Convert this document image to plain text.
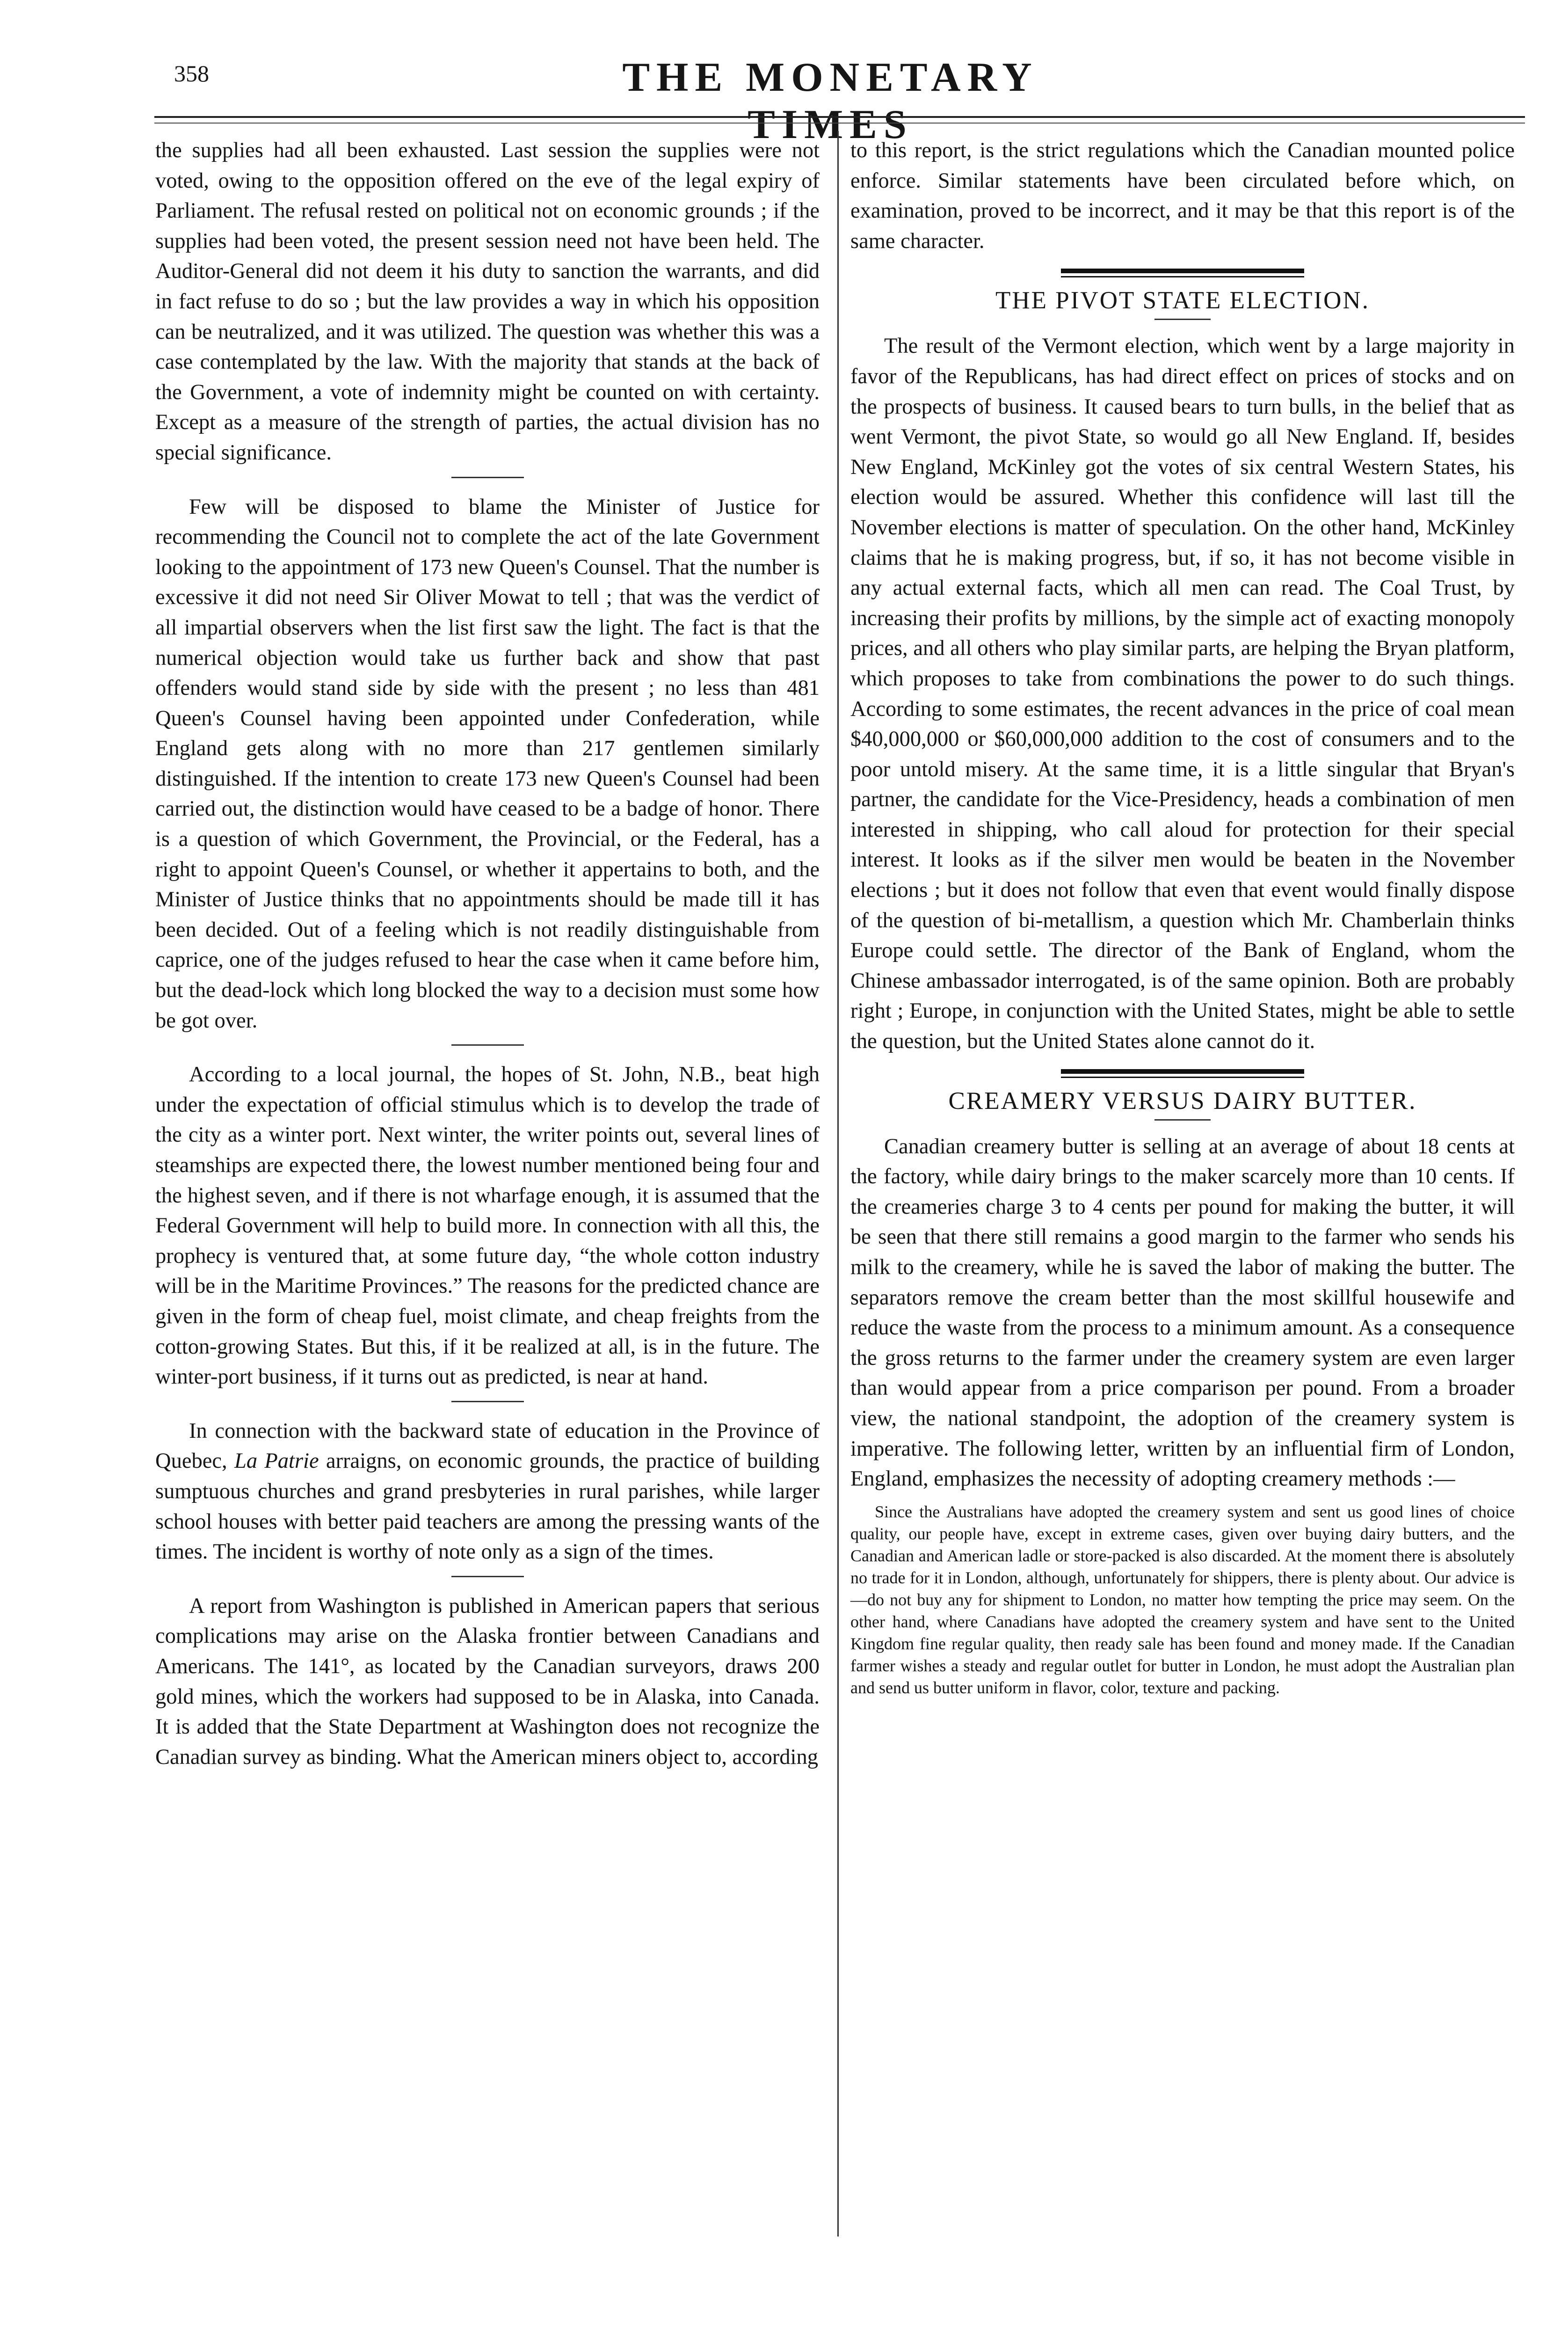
358	THE MONETARY TIMES

the supplies had all been exhausted. Last session the supplies were not voted, owing to the opposition offered on the eve of the legal expiry of Parliament. The refusal rested on political not on economic grounds ; if the supplies had been voted, the present session need not have been held. The Auditor-General did not deem it his duty to sanction the warrants, and did in fact refuse to do so ; but the law provides a way in which his opposition can be neutralized, and it was utilized. The question was whether this was a case contemplated by the law. With the majority that stands at the back of the Government, a vote of indemnity might be counted on with certainty. Except as a measure of the strength of parties, the actual division has no special significance.

Few will be disposed to blame the Minister of Justice for recommending the Council not to complete the act of the late Government looking to the appointment of 173 new Queen's Counsel. That the number is excessive it did not need Sir Oliver Mowat to tell ; that was the verdict of all impartial observers when the list first saw the light. The fact is that the numerical objection would take us further back and show that past offenders would stand side by side with the present ; no less than 481 Queen's Counsel having been appointed under Confederation, while England gets along with no more than 217 gentlemen similarly distinguished. If the intention to create 173 new Queen's Counsel had been carried out, the distinction would have ceased to be a badge of honor. There is a question of which Government, the Provincial, or the Federal, has a right to appoint Queen's Counsel, or whether it appertains to both, and the Minister of Justice thinks that no appointments should be made till it has been decided. Out of a feeling which is not readily distinguishable from caprice, one of the judges refused to hear the case when it came before him, but the dead-lock which long blocked the way to a decision must some how be got over.

According to a local journal, the hopes of St. John, N.B., beat high under the expectation of official stimulus which is to develop the trade of the city as a winter port. Next winter, the writer points out, several lines of steamships are expected there, the lowest number mentioned being four and the highest seven, and if there is not wharfage enough, it is assumed that the Federal Government will help to build more. In connection with all this, the prophecy is ventured that, at some future day, “the whole cotton industry will be in the Maritime Provinces.” The reasons for the predicted chance are given in the form of cheap fuel, moist climate, and cheap freights from the cotton-growing States. But this, if it be realized at all, is in the future. The winter-port business, if it turns out as predicted, is near at hand.

In connection with the backward state of education in the Province of Quebec, La Patrie arraigns, on economic grounds, the practice of building sumptuous churches and grand presbyteries in rural parishes, while larger school houses with better paid teachers are among the pressing wants of the times. The incident is worthy of note only as a sign of the times.

A report from Washington is published in American papers that serious complications may arise on the Alaska frontier between Canadians and Americans. The 141°, as located by the Canadian surveyors, draws 200 gold mines, which the workers had supposed to be in Alaska, into Canada. It is added that the State Department at Washington does not recognize the Canadian survey as binding. What the American miners object to, according

to this report, is the strict regulations which the Canadian mounted police enforce. Similar statements have been circulated before which, on examination, proved to be incorrect, and it may be that this report is of the same character.

THE PIVOT STATE ELECTION.

The result of the Vermont election, which went by a large majority in favor of the Republicans, has had direct effect on prices of stocks and on the prospects of business. It caused bears to turn bulls, in the belief that as went Vermont, the pivot State, so would go all New England. If, besides New England, McKinley got the votes of six central Western States, his election would be assured. Whether this confidence will last till the November elections is matter of speculation. On the other hand, McKinley claims that he is making progress, but, if so, it has not become visible in any actual external facts, which all men can read. The Coal Trust, by increasing their profits by millions, by the simple act of exacting monopoly prices, and all others who play similar parts, are helping the Bryan platform, which proposes to take from combinations the power to do such things. According to some estimates, the recent advances in the price of coal mean $40,000,000 or $60,000,000 addition to the cost of consumers and to the poor untold misery. At the same time, it is a little singular that Bryan's partner, the candidate for the Vice-Presidency, heads a combination of men interested in shipping, who call aloud for protection for their special interest. It looks as if the silver men would be beaten in the November elections ; but it does not follow that even that event would finally dispose of the question of bi-metallism, a question which Mr. Chamberlain thinks Europe could settle. The director of the Bank of England, whom the Chinese ambassador interrogated, is of the same opinion. Both are probably right ; Europe, in conjunction with the United States, might be able to settle the question, but the United States alone cannot do it.

CREAMERY VERSUS DAIRY BUTTER.

Canadian creamery butter is selling at an average of about 18 cents at the factory, while dairy brings to the maker scarcely more than 10 cents. If the creameries charge 3 to 4 cents per pound for making the butter, it will be seen that there still remains a good margin to the farmer who sends his milk to the creamery, while he is saved the labor of making the butter. The separators remove the cream better than the most skillful housewife and reduce the waste from the process to a minimum amount. As a consequence the gross returns to the farmer under the creamery system are even larger than would appear from a price comparison per pound. From a broader view, the national standpoint, the adoption of the creamery system is imperative. The following letter, written by an influential firm of London, England, emphasizes the necessity of adopting creamery methods :—

Since the Australians have adopted the creamery system and sent us good lines of choice quality, our people have, except in extreme cases, given over buying dairy butters, and the Canadian and American ladle or store-packed is also discarded. At the moment there is absolutely no trade for it in London, although, unfortunately for shippers, there is plenty about. Our advice is—do not buy any for shipment to London, no matter how tempting the price may seem. On the other hand, where Canadians have adopted the creamery system and have sent to the United Kingdom fine regular quality, then ready sale has been found and money made. If the Canadian farmer wishes a steady and regular outlet for butter in London, he must adopt the Australian plan and send us butter uniform in flavor, color, texture and packing.
